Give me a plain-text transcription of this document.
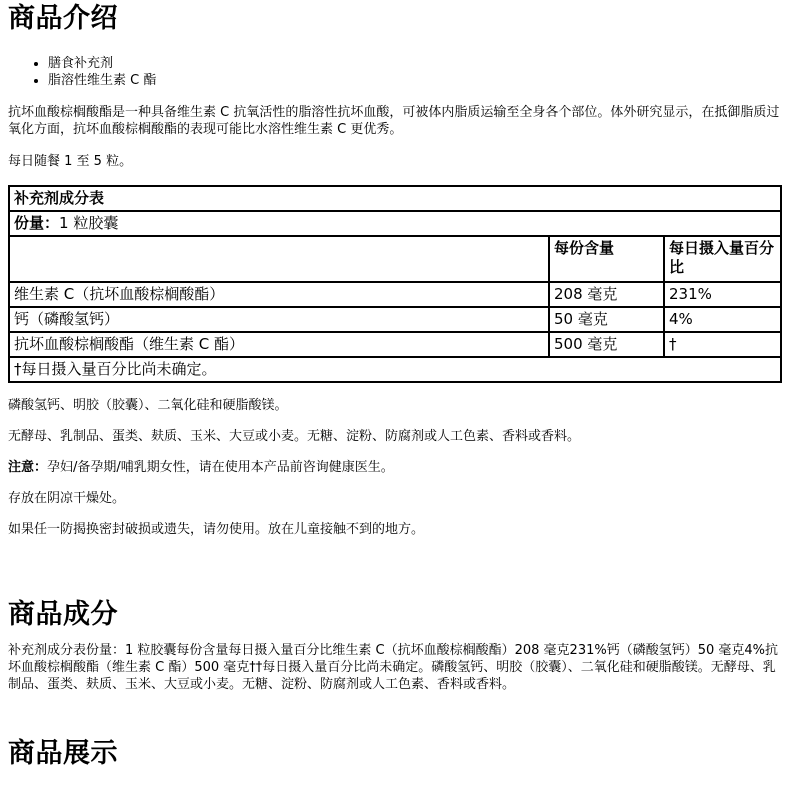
商品介绍
• 膳食补充剂
• 脂溶性维生素 C 酯

抗坏血酸棕榈酸酯是一种具备维生素 C 抗氧活性的脂溶性抗坏血酸，可被体内脂质运输至全身各个部位。体外研究显示，在抵御脂质过氧化方面，抗坏血酸棕榈酸酯的表现可能比水溶性维生素 C 更优秀。

每日随餐 1 至 5 粒。

补充剂成分表		
份量：1 粒胶囊		
	每份含量	每日摄入量百分比
维生素 C（抗坏血酸棕榈酸酯）	208 毫克	231%
钙（磷酸氢钙）	50 毫克	4%
抗坏血酸棕榈酸酯（维生素 C 酯）	500 毫克	†
†每日摄入量百分比尚未确定。		

磷酸氢钙、明胶（胶囊）、二氧化硅和硬脂酸镁。

无酵母、乳制品、蛋类、麸质、玉米、大豆或小麦。无糖、淀粉、防腐剂或人工色素、香料或香料。

注意：孕妇/备孕期/哺乳期女性，请在使用本产品前咨询健康医生。

存放在阴凉干燥处。

如果任一防揭换密封破损或遗失，请勿使用。放在儿童接触不到的地方。

商品成分

补充剂成分表份量：1 粒胶囊每份含量每日摄入量百分比维生素 C（抗坏血酸棕榈酸酯）208 毫克231%钙（磷酸氢钙）50 毫克4%抗坏血酸棕榈酸酯（维生素 C 酯）500 毫克††每日摄入量百分比尚未确定。磷酸氢钙、明胶（胶囊）、二氧化硅和硬脂酸镁。无酵母、乳制品、蛋类、麸质、玉米、大豆或小麦。无糖、淀粉、防腐剂或人工色素、香料或香料。

商品展示
